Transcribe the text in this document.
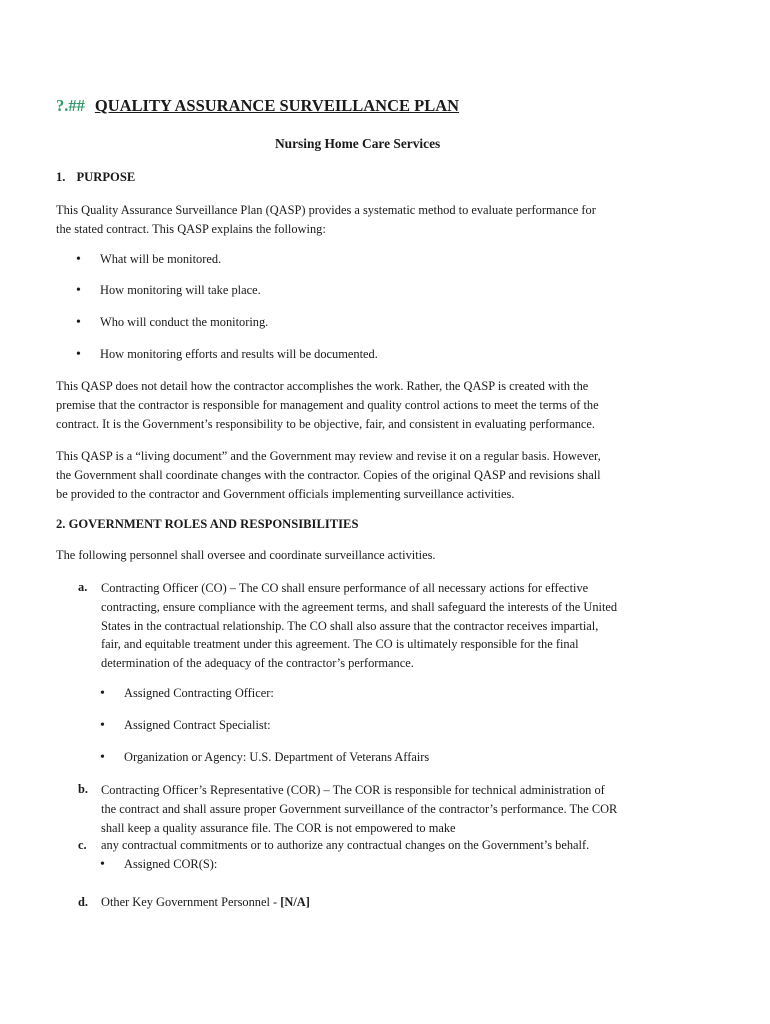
?.## QUALITY ASSURANCE SURVEILLANCE PLAN
Nursing Home Care Services
1. PURPOSE
This Quality Assurance Surveillance Plan (QASP) provides a systematic method to evaluate performance for
the stated contract. This QASP explains the following:
•	What will be monitored.
•	How monitoring will take place.
•	Who will conduct the monitoring.
•	How monitoring efforts and results will be documented.
This QASP does not detail how the contractor accomplishes the work. Rather, the QASP is created with the
premise that the contractor is responsible for management and quality control actions to meet the terms of the
contract. It is the Government’s responsibility to be objective, fair, and consistent in evaluating performance.
This QASP is a “living document” and the Government may review and revise it on a regular basis. However,
the Government shall coordinate changes with the contractor. Copies of the original QASP and revisions shall
be provided to the contractor and Government officials implementing surveillance activities.
2. GOVERNMENT ROLES AND RESPONSIBILITIES
The following personnel shall oversee and coordinate surveillance activities.
a. Contracting Officer (CO) – The CO shall ensure performance of all necessary actions for effective
contracting, ensure compliance with the agreement terms, and shall safeguard the interests of the United
States in the contractual relationship. The CO shall also assure that the contractor receives impartial,
fair, and equitable treatment under this agreement. The CO is ultimately responsible for the final
determination of the adequacy of the contractor’s performance.
•	Assigned Contracting Officer:
•	Assigned Contract Specialist:
•	Organization or Agency: U.S. Department of Veterans Affairs
b. Contracting Officer’s Representative (COR) – The COR is responsible for technical administration of
the contract and shall assure proper Government surveillance of the contractor’s performance. The COR
shall keep a quality assurance file. The COR is not empowered to make
c. any contractual commitments or to authorize any contractual changes on the Government’s behalf.
•	Assigned COR(S):
d. Other Key Government Personnel - [N/A]
